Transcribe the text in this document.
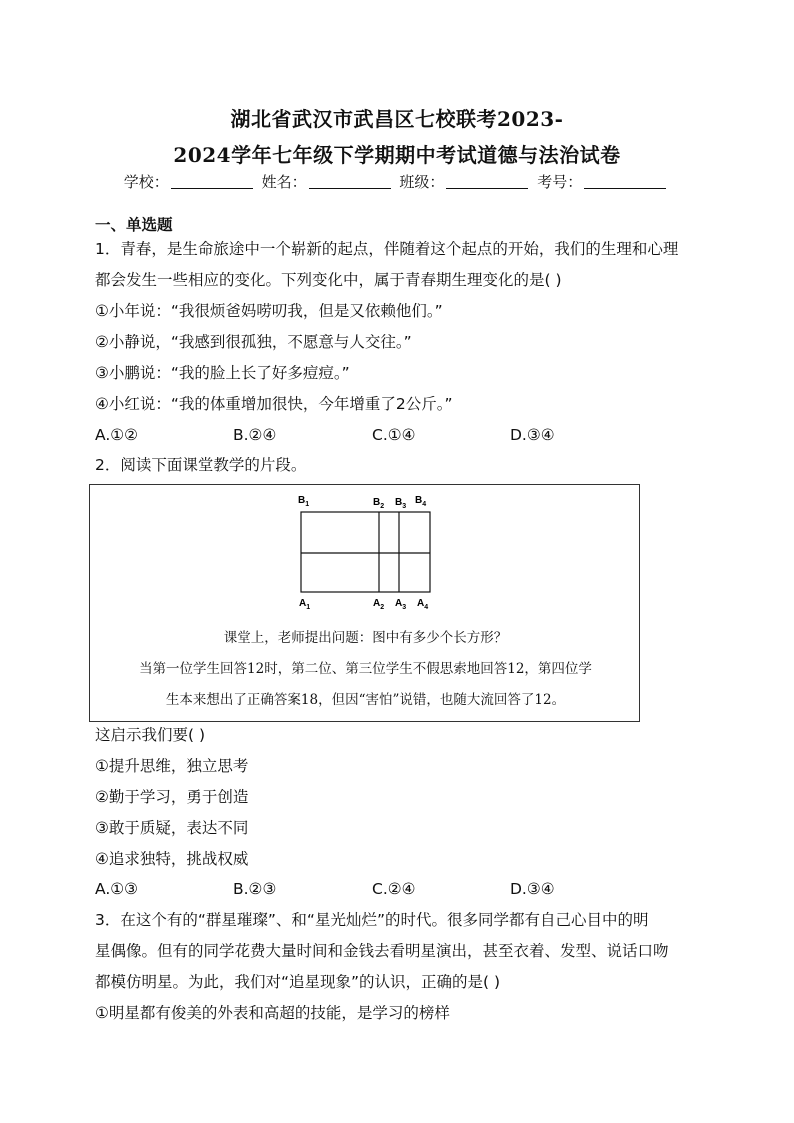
湖北省武汉市武昌区七校联考2023-
2024学年七年级下学期期中考试道德与法治试卷
学校：	姓名：	班级：	考号：
一、单选题
1．青春，是生命旅途中一个崭新的起点，伴随着这个起点的开始，我们的生理和心理
都会发生一些相应的变化。下列变化中，属于青春期生理变化的是( )
①小年说：“我很烦爸妈唠叨我，但是又依赖他们。”
②小静说，“我感到很孤独，不愿意与人交往。”
③小鹏说：“我的脸上长了好多痘痘。”
④小红说：“我的体重增加很快，今年增重了2公斤。”
A.①②	B.②④	C.①④	D.③④
2．阅读下面课堂教学的片段。
$B_1$	$B_2$ $B_3$
$B_4$
$A_1$	$A_2$ $A_3$ $A_4$
课堂上，老师提出问题：图中有多少个长方形？
当第一位学生回答12时，第二位、第三位学生不假思索地回答12，第四位学
生本来想出了正确答案18，但因“害怕”说错，也随大流回答了12。
这启示我们要( )
①提升思维，独立思考
②勤于学习，勇于创造
③敢于质疑，表达不同
④追求独特，挑战权威
A.①③	B.②③	C.②④	D.③④
3．在这个有的“群星璀璨”、和“星光灿烂”的时代。很多同学都有自己心目中的明
星偶像。但有的同学花费大量时间和金钱去看明星演出，甚至衣着、发型、说话口吻
都模仿明星。为此，我们对“追星现象”的认识，正确的是( )
①明星都有俊美的外表和高超的技能，是学习的榜样
